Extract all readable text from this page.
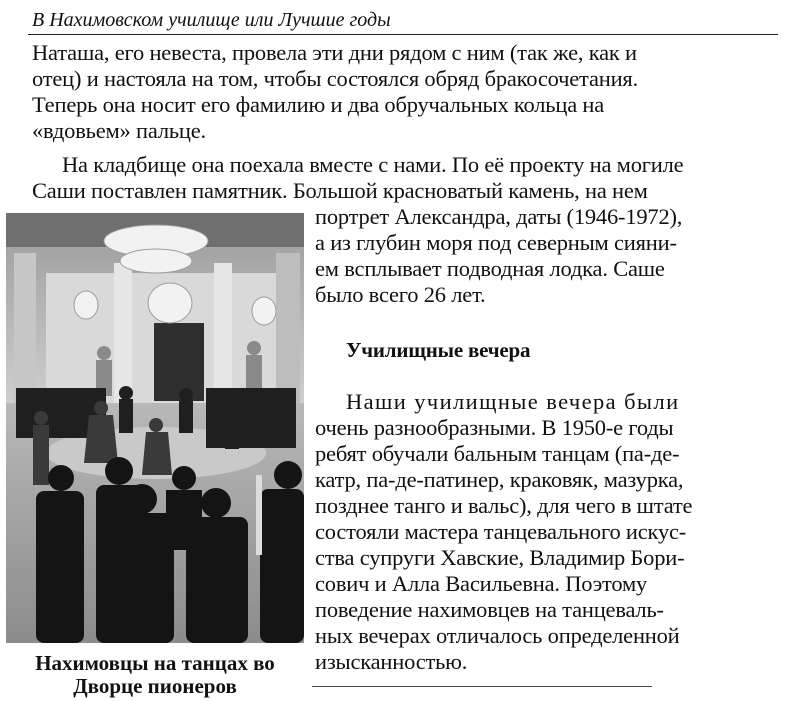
В Нахимовском училище или Лучшие годы
Наташа, его невеста, провела эти дни рядом с ним (так же, как и
отец) и настояла на том, чтобы состоялся обряд бракосочетания.
Теперь она носит его фамилию и два обручальных кольца на
«вдовьем» пальце.
На кладбище она поехала вместе с нами. По её проекту на могиле
Саши поставлен памятник. Большой красноватый камень, на нем
портрет Александра, даты (1946-1972),
а из глубин моря под северным сияни-
ем всплывает подводная лодка. Саше
было всего 26 лет.
Училищные вечера
Наши училищные вечера были
очень разнообразными. В 1950-е годы
ребят обучали бальным танцам (па-де-
катр, па-де-патинер, краковяк, мазурка,
позднее танго и вальс), для чего в штате
состояли мастера танцевального искус-
ства супруги Хавские, Владимир Бори-
сович и Алла Васильевна. Поэтому
поведение нахимовцев на танцеваль-
ных вечерах отличалось определенной
изысканностью.
Нахимовцы на танцах во
Дворце пионеров
